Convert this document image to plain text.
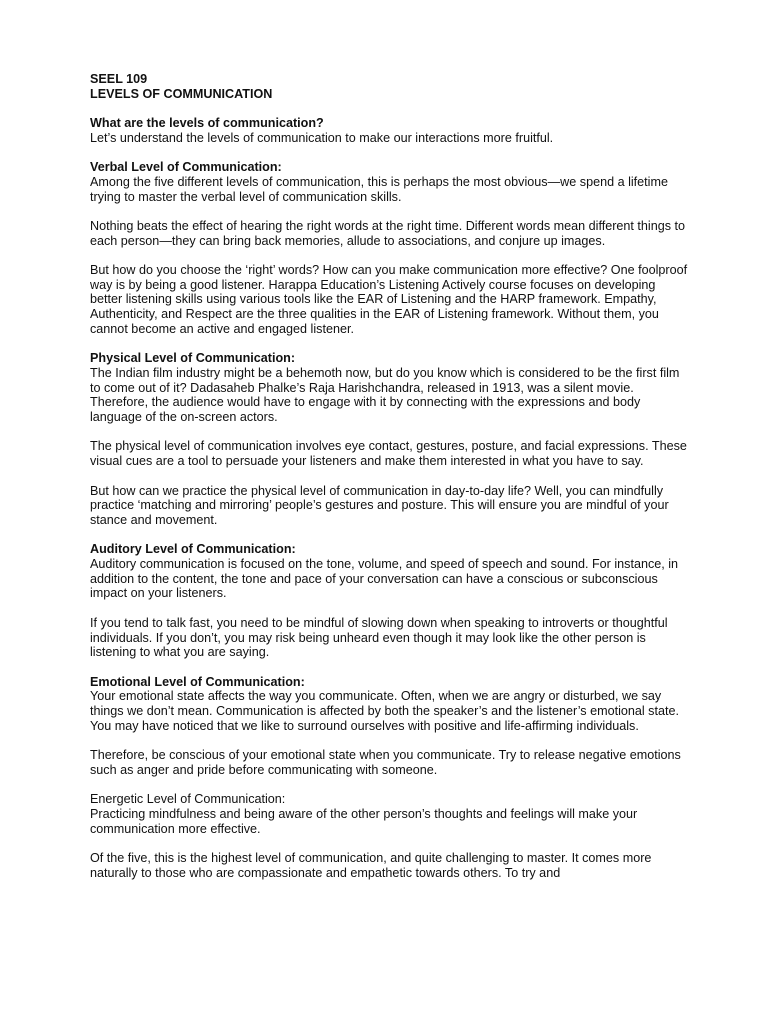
SEEL 109
LEVELS OF COMMUNICATION

What are the levels of communication?
Let’s understand the levels of communication to make our interactions more fruitful.

Verbal Level of Communication:
Among the five different levels of communication, this is perhaps the most obvious—we spend a lifetime trying to master the verbal level of communication skills.

Nothing beats the effect of hearing the right words at the right time. Different words mean different things to each person—they can bring back memories, allude to associations, and conjure up images.

But how do you choose the ‘right’ words? How can you make communication more effective? One foolproof way is by being a good listener. Harappa Education’s Listening Actively course focuses on developing better listening skills using various tools like the EAR of Listening and the HARP framework. Empathy, Authenticity, and Respect are the three qualities in the EAR of Listening framework. Without them, you cannot become an active and engaged listener.

Physical Level of Communication:
The Indian film industry might be a behemoth now, but do you know which is considered to be the first film to come out of it? Dadasaheb Phalke’s Raja Harishchandra, released in 1913, was a silent movie. Therefore, the audience would have to engage with it by connecting with the expressions and body language of the on-screen actors.

The physical level of communication involves eye contact, gestures, posture, and facial expressions. These visual cues are a tool to persuade your listeners and make them interested in what you have to say.

But how can we practice the physical level of communication in day-to-day life? Well, you can mindfully practice ‘matching and mirroring’ people’s gestures and posture. This will ensure you are mindful of your stance and movement.

Auditory Level of Communication:
Auditory communication is focused on the tone, volume, and speed of speech and sound. For instance, in addition to the content, the tone and pace of your conversation can have a conscious or subconscious impact on your listeners.

If you tend to talk fast, you need to be mindful of slowing down when speaking to introverts or thoughtful individuals. If you don’t, you may risk being unheard even though it may look like the other person is listening to what you are saying.

Emotional Level of Communication:
Your emotional state affects the way you communicate. Often, when we are angry or disturbed, we say things we don’t mean. Communication is affected by both the speaker’s and the listener’s emotional state. You may have noticed that we like to surround ourselves with positive and life-affirming individuals.

Therefore, be conscious of your emotional state when you communicate. Try to release negative emotions such as anger and pride before communicating with someone.

Energetic Level of Communication:
Practicing mindfulness and being aware of the other person’s thoughts and feelings will make your communication more effective.

Of the five, this is the highest level of communication, and quite challenging to master. It comes more naturally to those who are compassionate and empathetic towards others. To try and
